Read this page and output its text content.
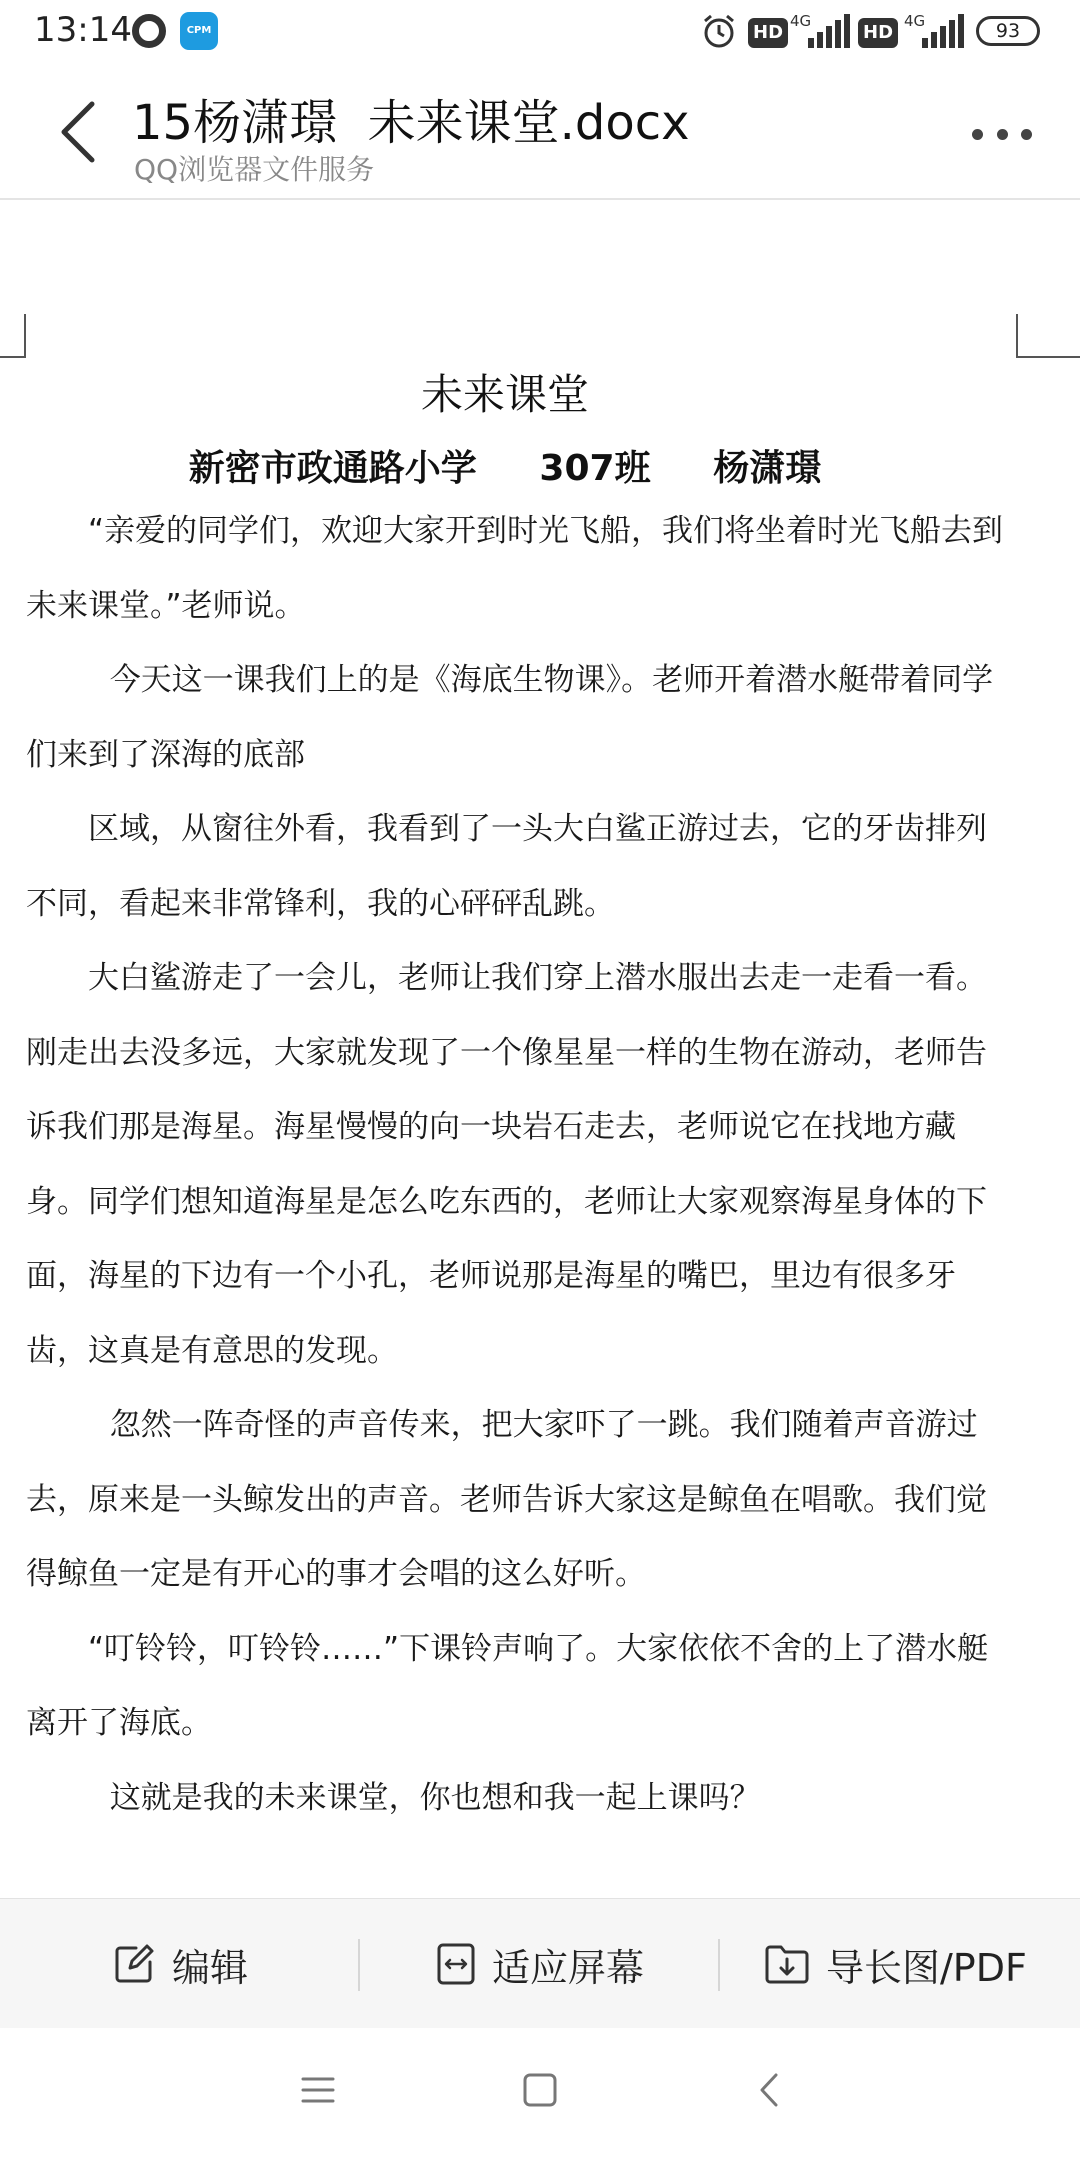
13:14	CPM	HD
4G
HD
4G	93
15杨潇璟  未来课堂.docx
QQ浏览器文件服务
未来课堂
新密市政通路小学     307班     杨潇璟

“亲爱的同学们，欢迎大家开到时光飞船，我们将坐着时光飞船去到未来课堂。”老师说。

今天这一课我们上的是《海底生物课》。老师开着潜水艇带着同学们来到了深海的底部

区域，从窗往外看，我看到了一头大白鲨正游过去，它的牙齿排列不同，看起来非常锋利，我的心砰砰乱跳。

大白鲨游走了一会儿，老师让我们穿上潜水服出去走一走看一看。刚走出去没多远，大家就发现了一个像星星一样的生物在游动，老师告诉我们那是海星。海星慢慢的向一块岩石走去，老师说它在找地方藏身。同学们想知道海星是怎么吃东西的，老师让大家观察海星身体的下面，海星的下边有一个小孔，老师说那是海星的嘴巴，里边有很多牙齿，这真是有意思的发现。

忽然一阵奇怪的声音传来，把大家吓了一跳。我们随着声音游过去，原来是一头鲸发出的声音。老师告诉大家这是鲸鱼在唱歌。我们觉得鲸鱼一定是有开心的事才会唱的这么好听。

“叮铃铃，叮铃铃……”下课铃声响了。大家依依不舍的上了潜水艇离开了海底。

这就是我的未来课堂，你也想和我一起上课吗？

编辑	适应屏幕	导长图/PDF
